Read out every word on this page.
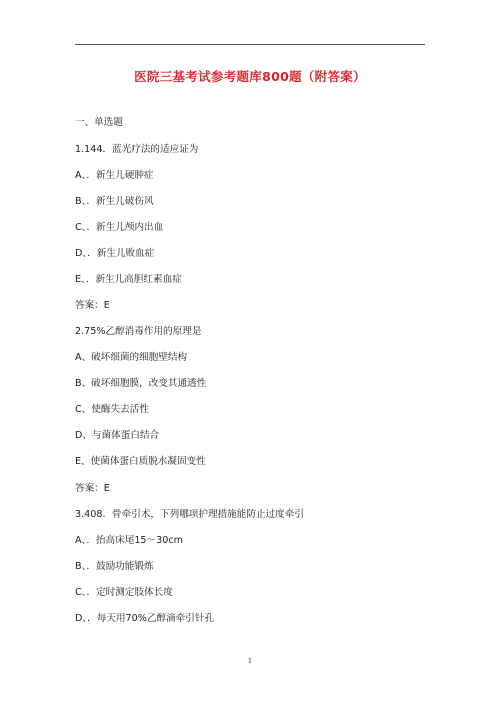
医院三基考试参考题库800题（附答案）
一、单选题
1.144．蓝光疗法的适应证为
A、．新生儿硬肿症
B、．新生儿破伤风
C、．新生儿颅内出血
D、．新生儿败血症
E、．新生儿高胆红素血症
答案：E
2.75%乙醇消毒作用的原理是
A、破坏细菌的细胞壁结构
B、破坏细胞膜，改变其通透性
C、使酶失去活性
D、与菌体蛋白结合
E、使菌体蛋白质脱水凝固变性
答案：E
3.408．骨牵引术，下列哪项护理措施能防止过度牵引
A、．抬高床尾15～30cm
B、．鼓励功能锻炼
C、．定时测定肢体长度
D、．每天用70%乙醇滴牵引针孔
1
